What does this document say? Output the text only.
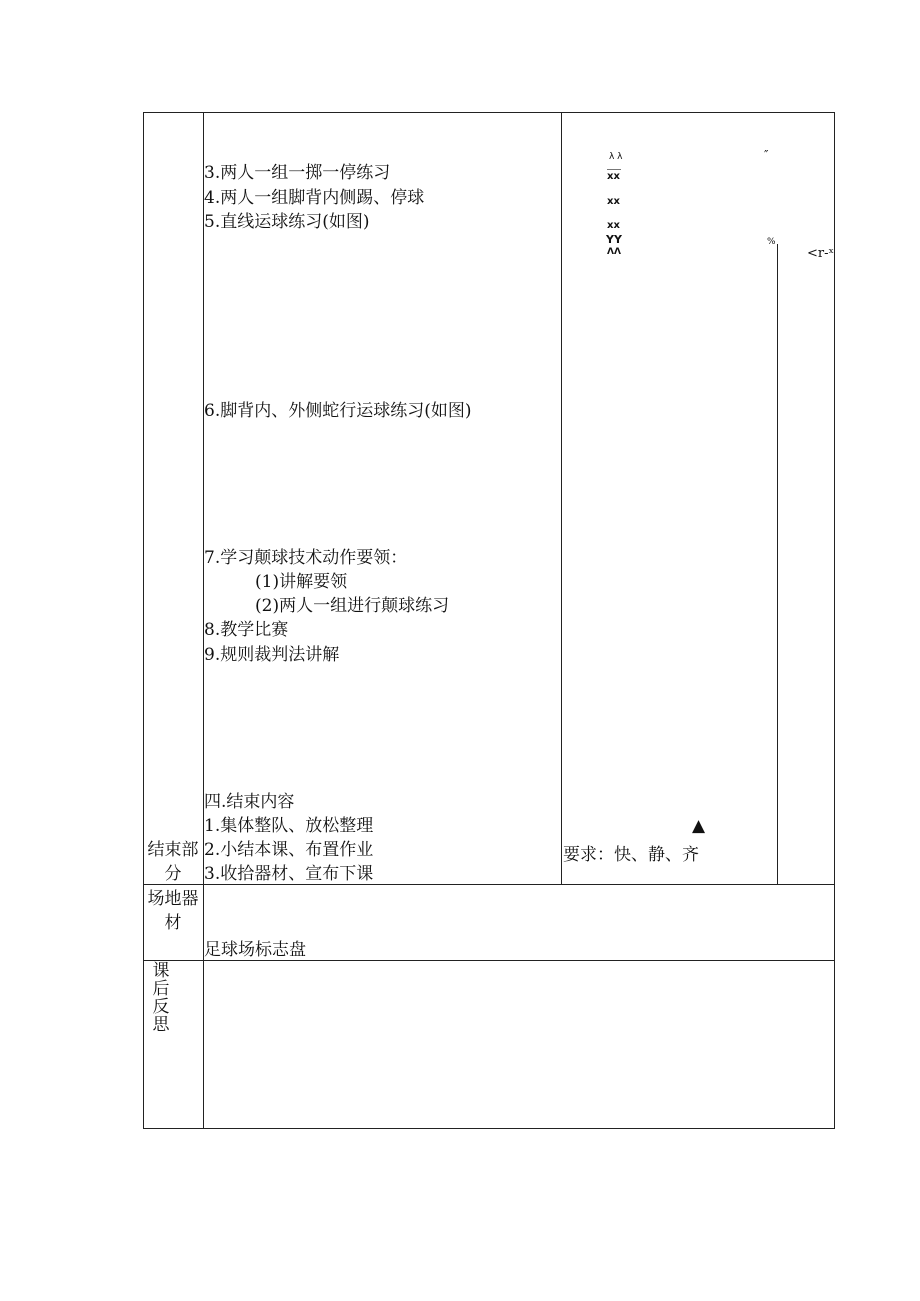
3.两人一组一掷一停练习
4.两人一组脚背内侧踢、停球
5.直线运球练习(如图)
6.脚背内、外侧蛇行运球练习(如图)
7.学习颠球技术动作要领：
(1)讲解要领
(2)两人一组进行颠球练习
8.教学比赛
9.规则裁判法讲解
四.结束内容
1.集体整队、放松整理
2.小结本课、布置作业
3.收拾器材、宣布下课
λ λ	″
xx
xx
xx
YY
ΛΛ
%
<r-ˣ
▲
要求：快、静、齐
结束部分
场地器材
课后反思
足球场标志盘
